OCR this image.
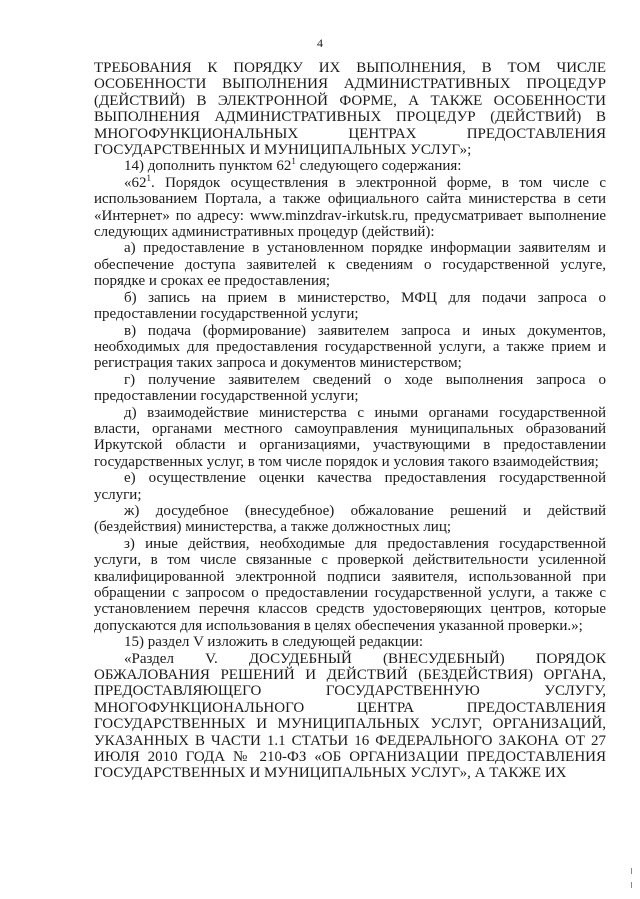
4

ТРЕБОВАНИЯ К ПОРЯДКУ ИХ ВЫПОЛНЕНИЯ, В ТОМ ЧИСЛЕ ОСОБЕННОСТИ ВЫПОЛНЕНИЯ АДМИНИСТРАТИВНЫХ ПРОЦЕДУР (ДЕЙСТВИЙ) В ЭЛЕКТРОННОЙ ФОРМЕ, А ТАКЖЕ ОСОБЕННОСТИ ВЫПОЛНЕНИЯ АДМИНИСТРАТИВНЫХ ПРОЦЕДУР (ДЕЙСТВИЙ) В МНОГОФУНКЦИОНАЛЬНЫХ ЦЕНТРАХ ПРЕДОСТАВЛЕНИЯ ГОСУДАРСТВЕННЫХ И МУНИЦИПАЛЬНЫХ УСЛУГ»;

14) дополнить пунктом $62^1$ следующего содержания:

«$62^1$. Порядок осуществления в электронной форме, в том числе с использованием Портала, а также официального сайта министерства в сети «Интернет» по адресу: www.minzdrav-irkutsk.ru, предусматривает выполнение следующих административных процедур (действий):

а) предоставление в установленном порядке информации заявителям и обеспечение доступа заявителей к сведениям о государственной услуге, порядке и сроках ее предоставления;

б) запись на прием в министерство, МФЦ для подачи запроса о предоставлении государственной услуги;

в) подача (формирование) заявителем запроса и иных документов, необходимых для предоставления государственной услуги, а также прием и регистрация таких запроса и документов министерством;

г) получение заявителем сведений о ходе выполнения запроса о предоставлении государственной услуги;

д) взаимодействие министерства с иными органами государственной власти, органами местного самоуправления муниципальных образований Иркутской области и организациями, участвующими в предоставлении государственных услуг, в том числе порядок и условия такого взаимодействия;

е) осуществление оценки качества предоставления государственной услуги;

ж) досудебное (внесудебное) обжалование решений и действий (бездействия) министерства, а также должностных лиц;

з) иные действия, необходимые для предоставления государственной услуги, в том числе связанные с проверкой действительности усиленной квалифицированной электронной подписи заявителя, использованной при обращении с запросом о предоставлении государственной услуги, а также с установлением перечня классов средств удостоверяющих центров, которые допускаются для использования в целях обеспечения указанной проверки.»;

15) раздел V изложить в следующей редакции:

«Раздел V. ДОСУДЕБНЫЙ (ВНЕСУДЕБНЫЙ) ПОРЯДОК ОБЖАЛОВАНИЯ РЕШЕНИЙ И ДЕЙСТВИЙ (БЕЗДЕЙСТВИЯ) ОРГАНА, ПРЕДОСТАВЛЯЮЩЕГО ГОСУДАРСТВЕННУЮ УСЛУГУ, МНОГОФУНКЦИОНАЛЬНОГО ЦЕНТРА ПРЕДОСТАВЛЕНИЯ ГОСУДАРСТВЕННЫХ И МУНИЦИПАЛЬНЫХ УСЛУГ, ОРГАНИЗАЦИЙ, УКАЗАННЫХ В ЧАСТИ 1.1 СТАТЬИ 16 ФЕДЕРАЛЬНОГО ЗАКОНА ОТ 27 ИЮЛЯ 2010 ГОДА № 210-ФЗ «ОБ ОРГАНИЗАЦИИ ПРЕДОСТАВЛЕНИЯ ГОСУДАРСТВЕННЫХ И МУНИЦИПАЛЬНЫХ УСЛУГ», А ТАКЖЕ ИХ
